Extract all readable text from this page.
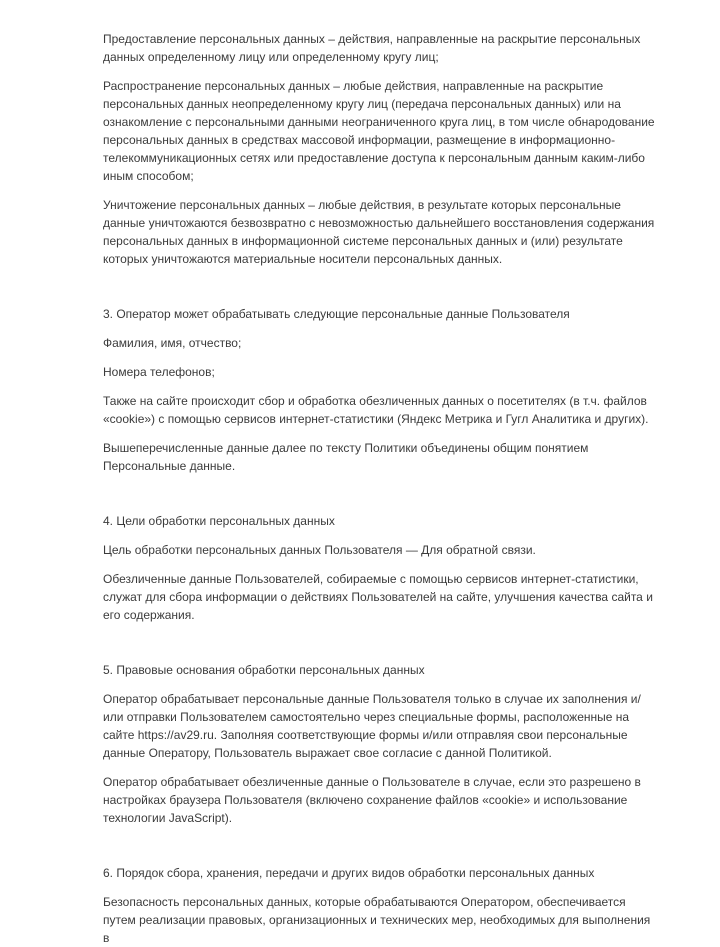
Предоставление персональных данных – действия, направленные на раскрытие персональных данных определенному лицу или определенному кругу лиц;

Распространение персональных данных – любые действия, направленные на раскрытие персональных данных неопределенному кругу лиц (передача персональных данных) или на ознакомление с персональными данными неограниченного круга лиц, в том числе обнародование персональных данных в средствах массовой информации, размещение в информационно-телекоммуникационных сетях или предоставление доступа к персональным данным каким-либо иным способом;

Уничтожение персональных данных – любые действия, в результате которых персональные данные уничтожаются безвозвратно с невозможностью дальнейшего восстановления содержания персональных данных в информационной системе персональных данных и (или) результате которых уничтожаются материальные носители персональных данных.

3. Оператор может обрабатывать следующие персональные данные Пользователя

Фамилия, имя, отчество;

Номера телефонов;

Также на сайте происходит сбор и обработка обезличенных данных о посетителях (в т.ч. файлов «cookie») с помощью сервисов интернет-статистики (Яндекс Метрика и Гугл Аналитика и других).

Вышеперечисленные данные далее по тексту Политики объединены общим понятием Персональные данные.

4. Цели обработки персональных данных

Цель обработки персональных данных Пользователя — Для обратной связи.

Обезличенные данные Пользователей, собираемые с помощью сервисов интернет-статистики, служат для сбора информации о действиях Пользователей на сайте, улучшения качества сайта и его содержания.

5. Правовые основания обработки персональных данных

Оператор обрабатывает персональные данные Пользователя только в случае их заполнения и/или отправки Пользователем самостоятельно через специальные формы, расположенные на сайте https://av29.ru. Заполняя соответствующие формы и/или отправляя свои персональные данные Оператору, Пользователь выражает свое согласие с данной Политикой.

Оператор обрабатывает обезличенные данные о Пользователе в случае, если это разрешено в настройках браузера Пользователя (включено сохранение файлов «cookie» и использование технологии JavaScript).

6. Порядок сбора, хранения, передачи и других видов обработки персональных данных

Безопасность персональных данных, которые обрабатываются Оператором, обеспечивается путем реализации правовых, организационных и технических мер, необходимых для выполнения в
